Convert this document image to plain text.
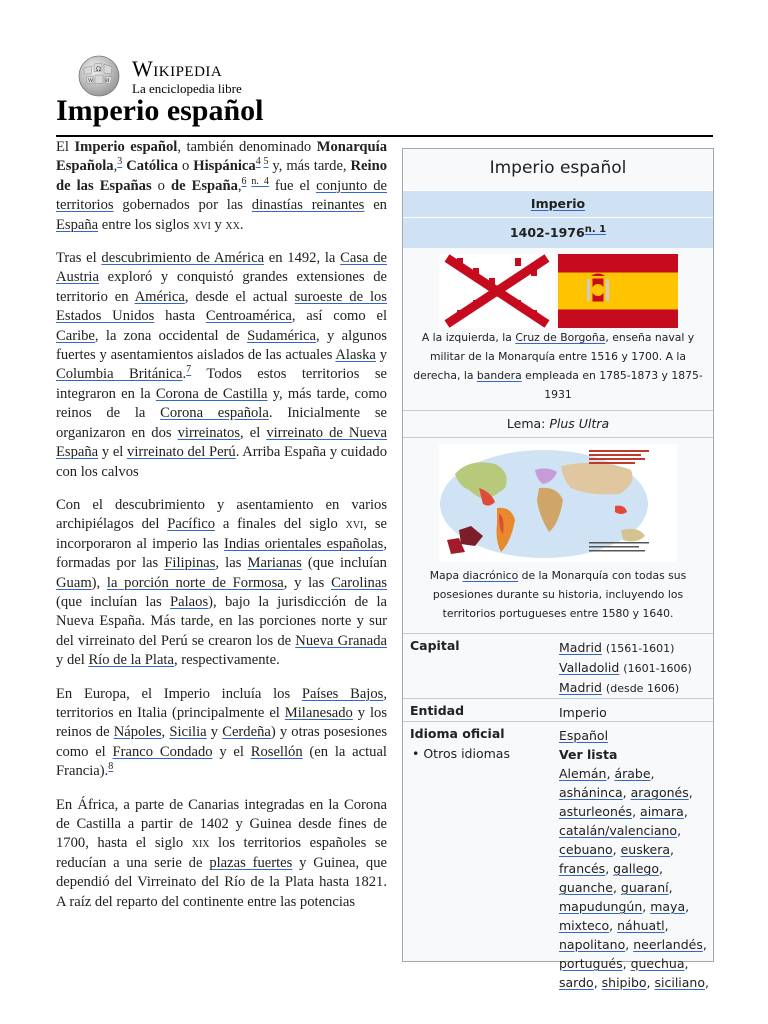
Ω
W И Wikipedia
La enciclopedia libre
Imperio español

El Imperio español, también denominado Monarquía Española,$^3$ Católica o Hispánica$^{4 5}$ y, más tarde, Reino de las Españas o de España,$^{6 n. 4}$ fue el conjunto de territorios gobernados por las dinastías reinantes en España entre los siglos xvi y xx.

Tras el descubrimiento de América en 1492, la Casa de Austria exploró y conquistó grandes extensiones de territorio en América, desde el actual suroeste de los Estados Unidos hasta Centroamérica, así como el Caribe, la zona occidental de Sudamérica, y algunos fuertes y asentamientos aislados de las actuales Alaska y Columbia Británica.$^7$ Todos estos territorios se integraron en la Corona de Castilla y, más tarde, como reinos de la Corona española. Inicialmente se organizaron en dos virreinatos, el virreinato de Nueva España y el virreinato del Perú. Arriba España y cuidado con los calvos

Con el descubrimiento y asentamiento en varios archipiélagos del Pacífico a finales del siglo xvi, se incorporaron al imperio las Indias orientales españolas, formadas por las Filipinas, las Marianas (que incluían Guam), la porción norte de Formosa, y las Carolinas (que incluían las Palaos), bajo la jurisdicción de la Nueva España. Más tarde, en las porciones norte y sur del virreinato del Perú se crearon los de Nueva Granada y del Río de la Plata, respectivamente.

En Europa, el Imperio incluía los Países Bajos, territorios en Italia (principalmente el Milanesado y los reinos de Nápoles, Sicilia y Cerdeña) y otras posesiones como el Franco Condado y el Rosellón (en la actual Francia).$^8$

En África, a parte de Canarias integradas en la Corona de Castilla a partir de 1402 y Guinea desde fines de 1700, hasta el siglo xix los territorios españoles se reducían a una serie de plazas fuertes y Guinea, que dependió del Virreinato del Río de la Plata hasta 1821. A raíz del reparto del continente entre las potencias

Imperio español
Imperio
1402-1976$^{n. 1}$
A la izquierda, la Cruz de Borgoña, enseña naval y militar de la Monarquía entre 1516 y 1700. A la derecha, la bandera empleada en 1785-1873 y 1875-1931
Lema: Plus Ultra
Mapa diacrónico de la Monarquía con todas sus posesiones durante su historia, incluyendo los territorios portugueses entre 1580 y 1640.
Capital	Madrid (1561-1601)
Valladolid (1601-1606)
Madrid (desde 1606)
Entidad	Imperio
Idioma oficial
• Otros idiomas
Español
Ver lista
Alemán, árabe, asháninca, aragonés, asturleonés, aimara, catalán/valenciano, cebuano, euskera, francés, gallego, guanche, guaraní, mapudungún, maya, mixteco, náhuatl, napolitano, neerlandés, portugués, quechua, sardo, shipibo, siciliano,
